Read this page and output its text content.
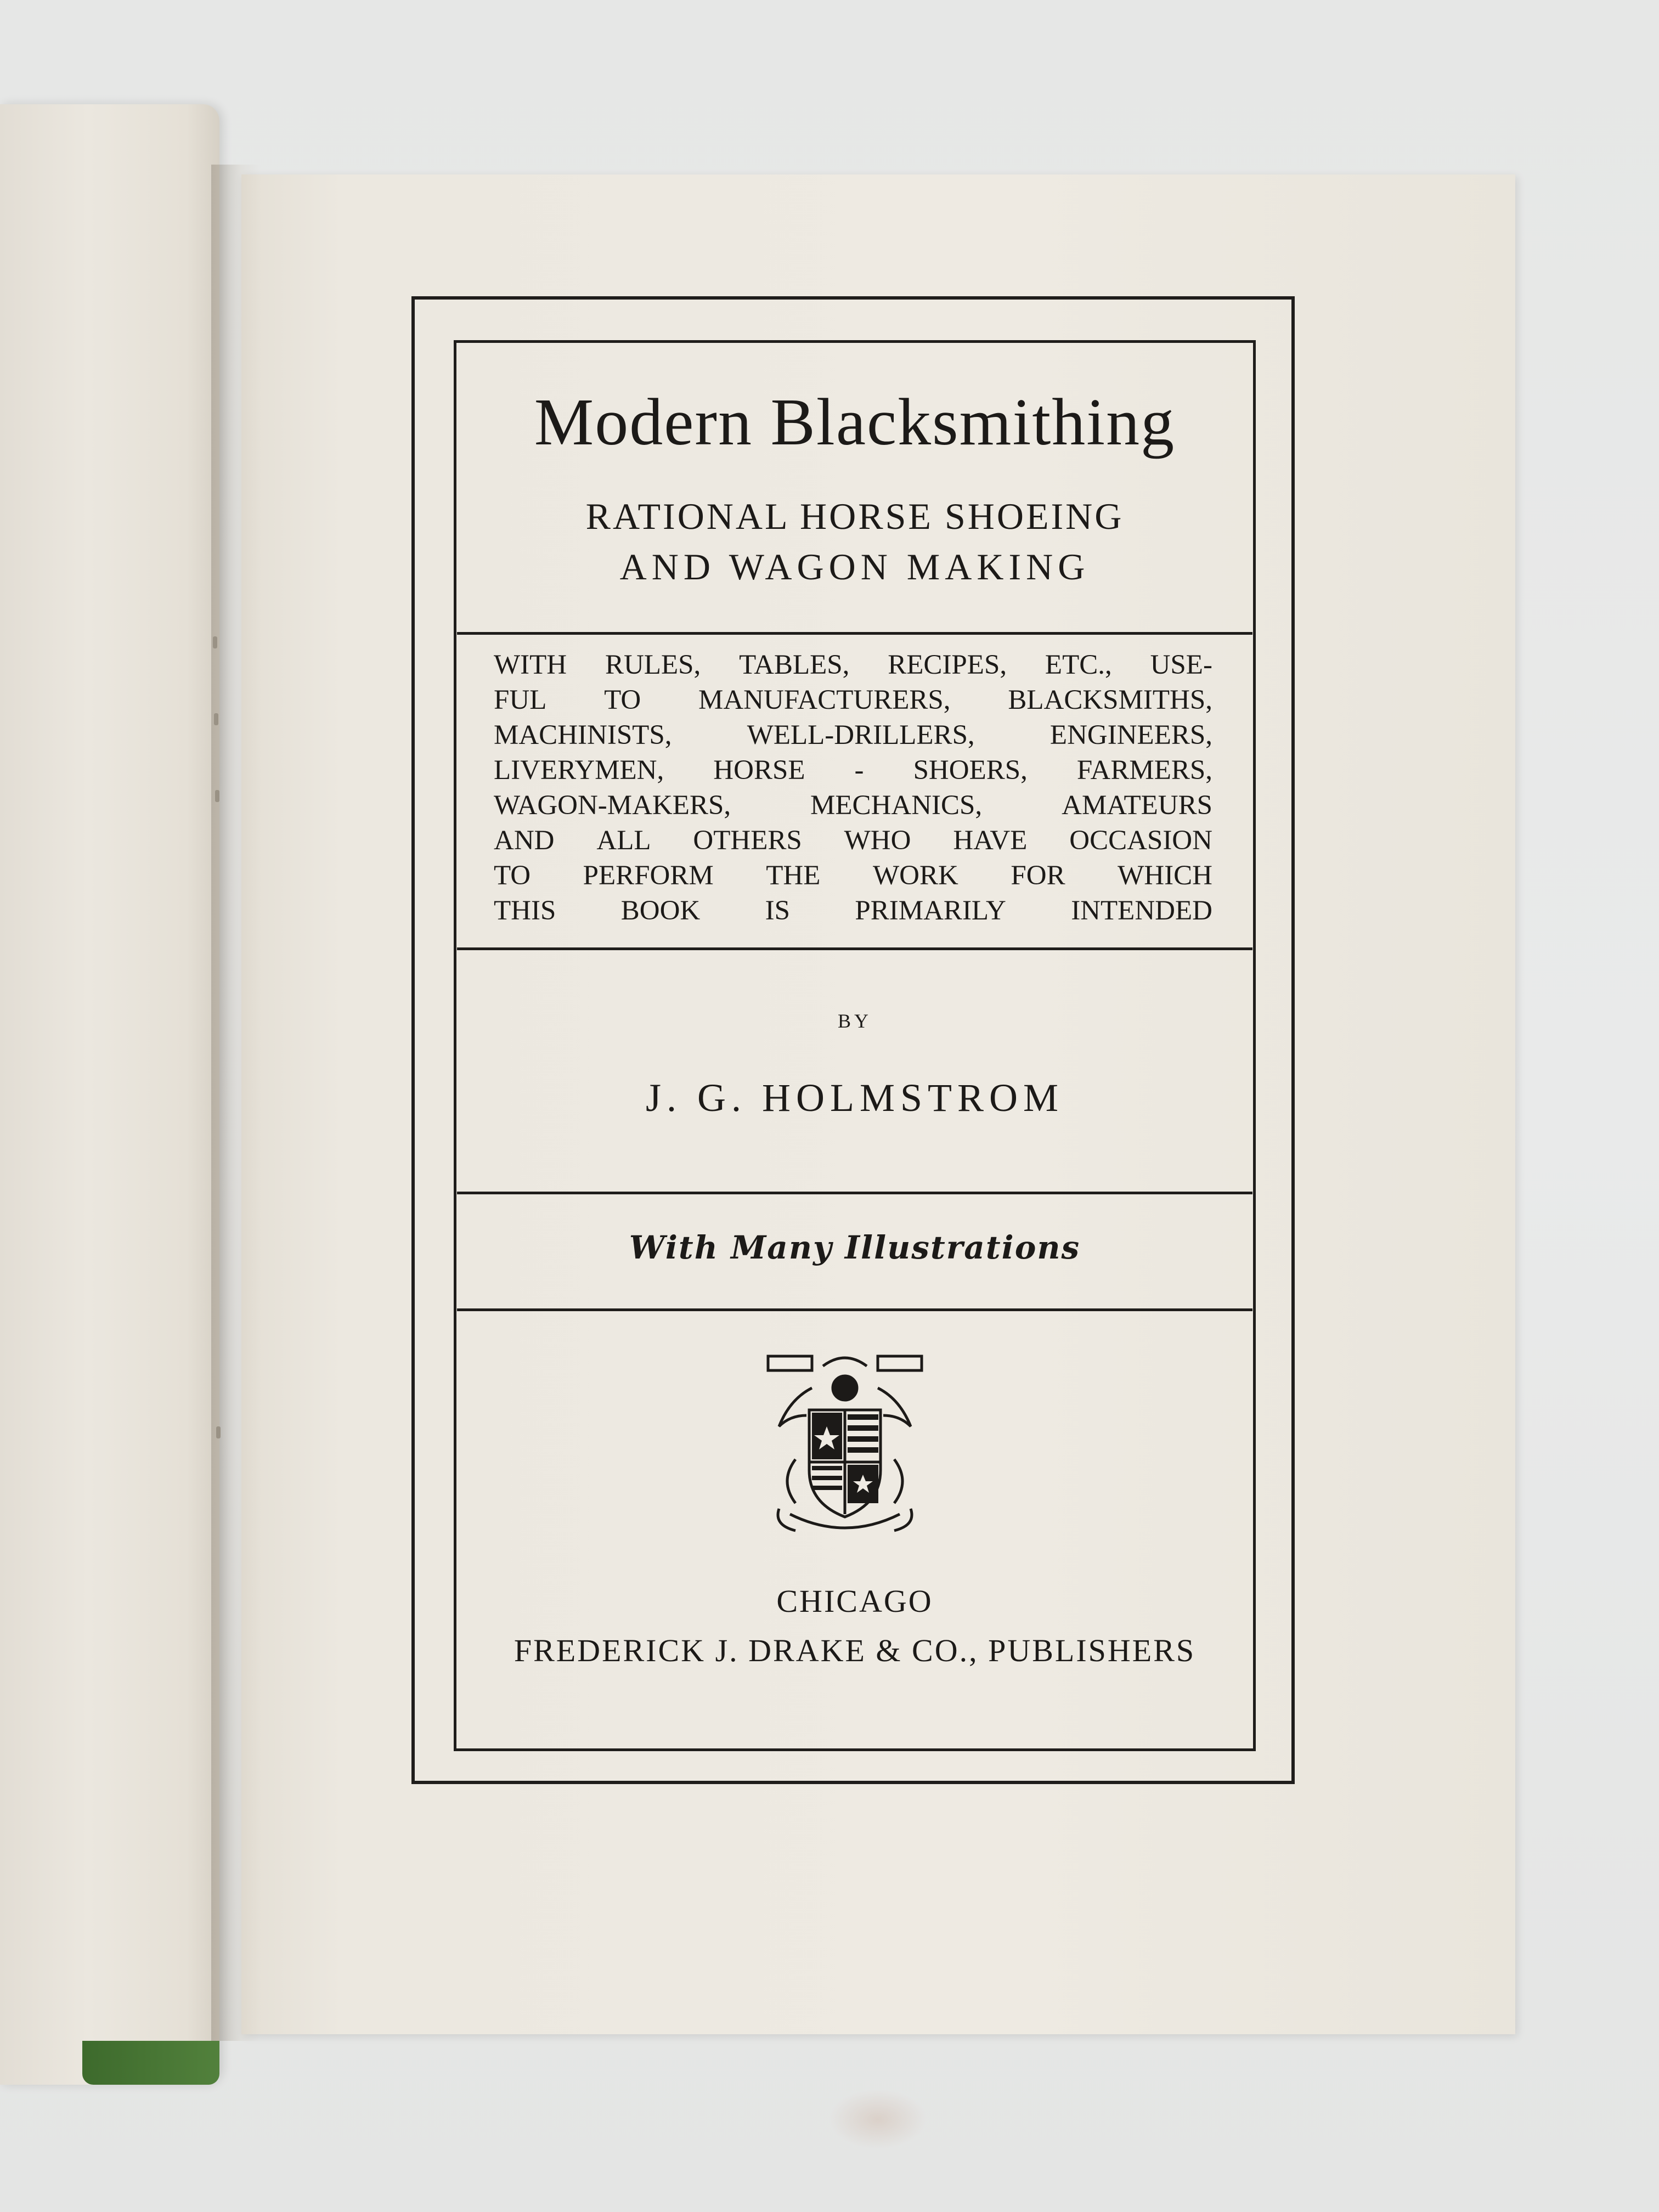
Modern Blacksmithing
RATIONAL HORSE SHOEING
AND WAGON MAKING
WITH RULES, TABLES, RECIPES, ETC., USE-
FUL TO MANUFACTURERS, BLACKSMITHS,
MACHINISTS,	WELL-DRILLERS,	ENGINEERS,
LIVERYMEN, HORSE - SHOERS, FARMERS,
WAGON-MAKERS,	MECHANICS,	AMATEURS
AND ALL OTHERS WHO HAVE OCCASION
TO PERFORM THE WORK FOR WHICH
THIS BOOK IS PRIMARILY INTENDED
BY
J. G. HOLMSTROM
With Many Illustrations
CHICAGO
FREDERICK J. DRAKE & CO., PUBLISHERS
